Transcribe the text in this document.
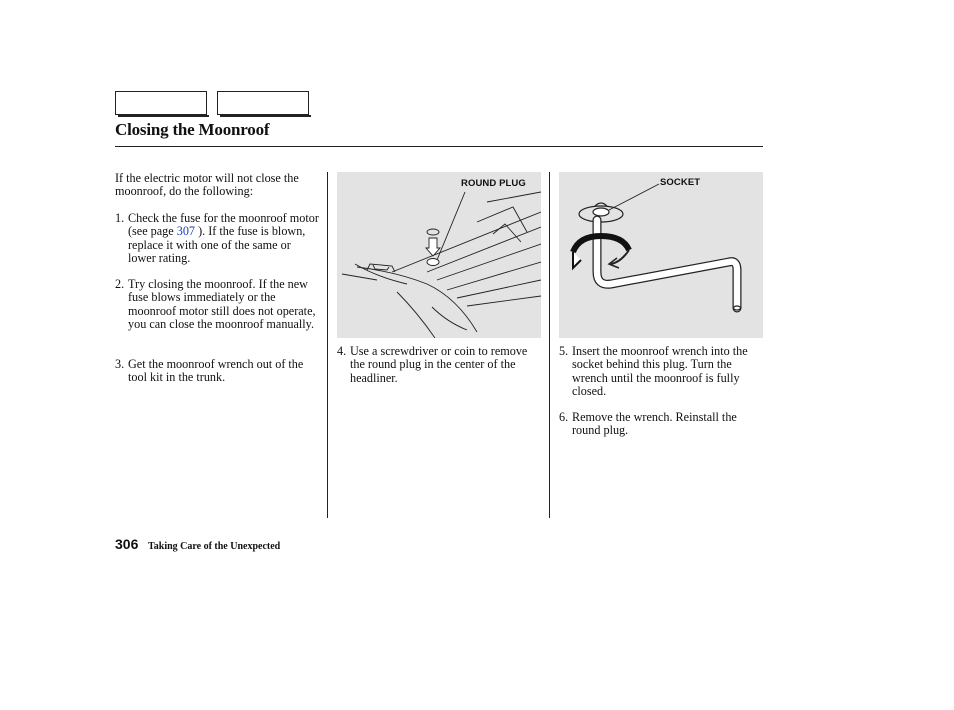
Closing the Moonroof
If the electric motor will not close the moonroof, do the following:
1. Check the fuse for the moonroof motor (see page 307 ). If the fuse is blown, replace it with one of the same or lower rating.
2. Try closing the moonroof. If the new fuse blows immediately or the moonroof motor still does not operate, you can close the moonroof manually.
3. Get the moonroof wrench out of the tool kit in the trunk.
ROUND PLUG
4. Use a screwdriver or coin to remove the round plug in the center of the headliner.
SOCKET
5. Insert the moonroof wrench into the socket behind this plug. Turn the wrench until the moonroof is fully closed.
6. Remove the wrench. Reinstall the round plug.
306 Taking Care of the Unexpected
